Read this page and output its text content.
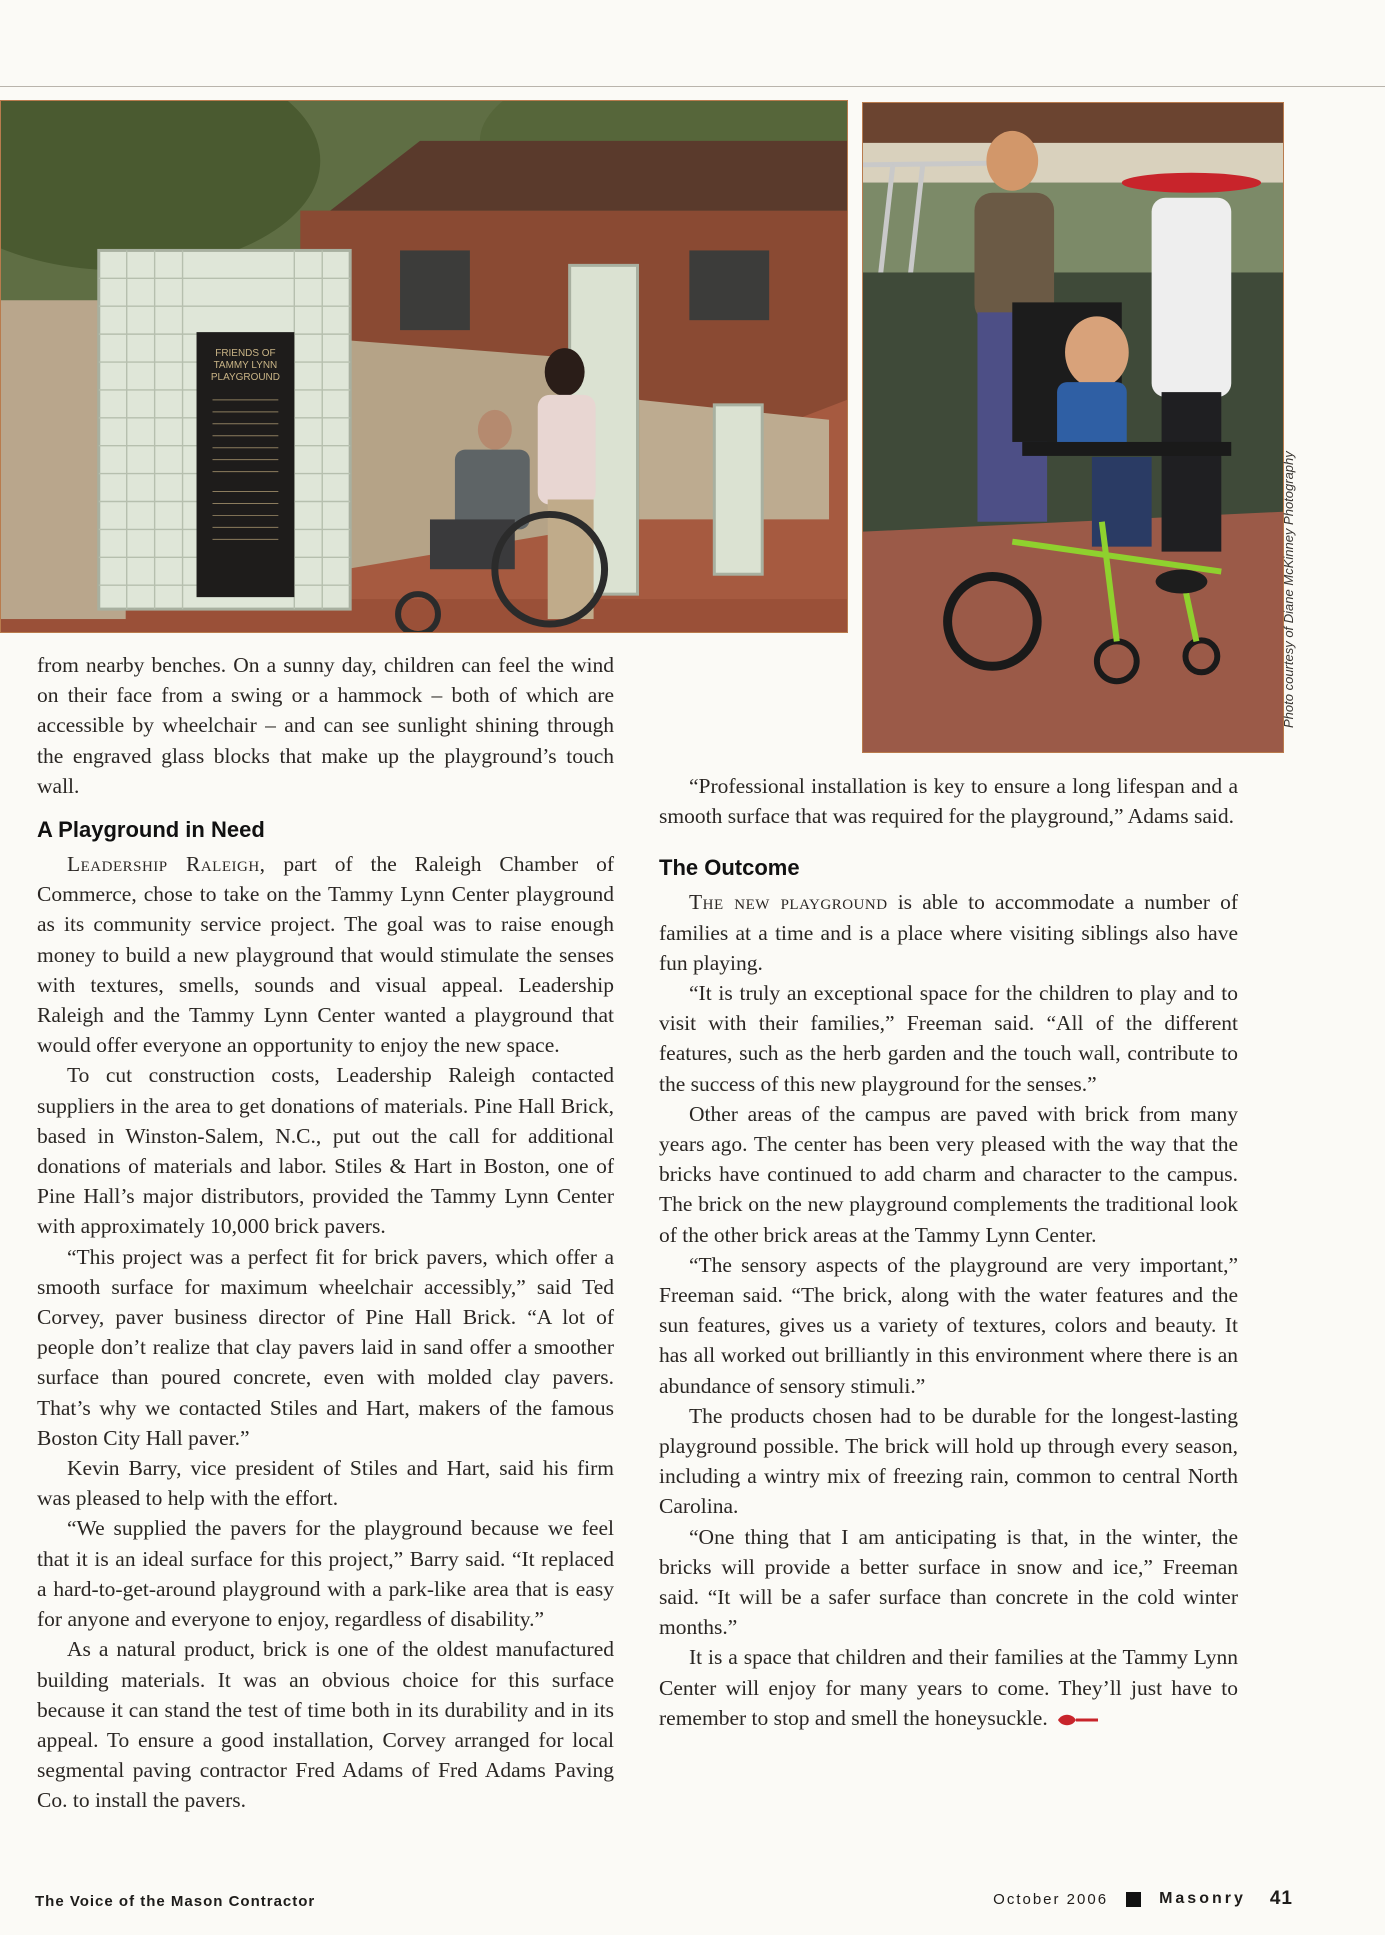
FRIENDS OF
TAMMY LYNN
PLAYGROUND
Photo courtesy of Diane McKinney Photography

from nearby benches. On a sunny day, children can feel the wind on their face from a swing or a hammock – both of which are accessible by wheelchair – and can see sunlight shining through the engraved glass blocks that make up the playground’s touch wall.

A Playground in Need

Leadership Raleigh, part of the Raleigh Chamber of Commerce, chose to take on the Tammy Lynn Center playground as its community service project. The goal was to raise enough money to build a new playground that would stimulate the senses with textures, smells, sounds and visual appeal. Leadership Raleigh and the Tammy Lynn Center wanted a playground that would offer everyone an opportunity to enjoy the new space.

To cut construction costs, Leadership Raleigh contacted suppliers in the area to get donations of materials. Pine Hall Brick, based in Winston-Salem, N.C., put out the call for additional donations of materials and labor. Stiles & Hart in Boston, one of Pine Hall’s major distributors, provided the Tammy Lynn Center with approximately 10,000 brick pavers.

“This project was a perfect fit for brick pavers, which offer a smooth surface for maximum wheelchair accessibly,” said Ted Corvey, paver business director of Pine Hall Brick. “A lot of people don’t realize that clay pavers laid in sand offer a smoother surface than poured concrete, even with molded clay pavers. That’s why we contacted Stiles and Hart, makers of the famous Boston City Hall paver.”

Kevin Barry, vice president of Stiles and Hart, said his firm was pleased to help with the effort.

“We supplied the pavers for the playground because we feel that it is an ideal surface for this project,” Barry said. “It replaced a hard-to-get-around playground with a park-like area that is easy for anyone and everyone to enjoy, regardless of disability.”

As a natural product, brick is one of the oldest manufactured building materials. It was an obvious choice for this surface because it can stand the test of time both in its durability and in its appeal. To ensure a good installation, Corvey arranged for local segmental paving contractor Fred Adams of Fred Adams Paving Co. to install the pavers.

“Professional installation is key to ensure a long lifespan and a smooth surface that was required for the playground,” Adams said.

The Outcome

The new playground is able to accommodate a number of families at a time and is a place where visiting siblings also have fun playing.

“It is truly an exceptional space for the children to play and to visit with their families,” Freeman said. “All of the different features, such as the herb garden and the touch wall, contribute to the success of this new playground for the senses.”

Other areas of the campus are paved with brick from many years ago. The center has been very pleased with the way that the bricks have continued to add charm and character to the campus. The brick on the new playground complements the traditional look of the other brick areas at the Tammy Lynn Center.

“The sensory aspects of the playground are very important,” Freeman said. “The brick, along with the water features and the sun features, gives us a variety of textures, colors and beauty. It has all worked out brilliantly in this environment where there is an abundance of sensory stimuli.”

The products chosen had to be durable for the longest-lasting playground possible. The brick will hold up through every season, including a wintry mix of freezing rain, common to central North Carolina.

“One thing that I am anticipating is that, in the winter, the bricks will provide a better surface in snow and ice,” Freeman said. “It will be a safer surface than concrete in the cold winter months.”

It is a space that children and their families at the Tammy Lynn Center will enjoy for many years to come. They’ll just have to remember to stop and smell the honeysuckle.

The Voice of the Mason Contractor	October 2006	Masonry 41
